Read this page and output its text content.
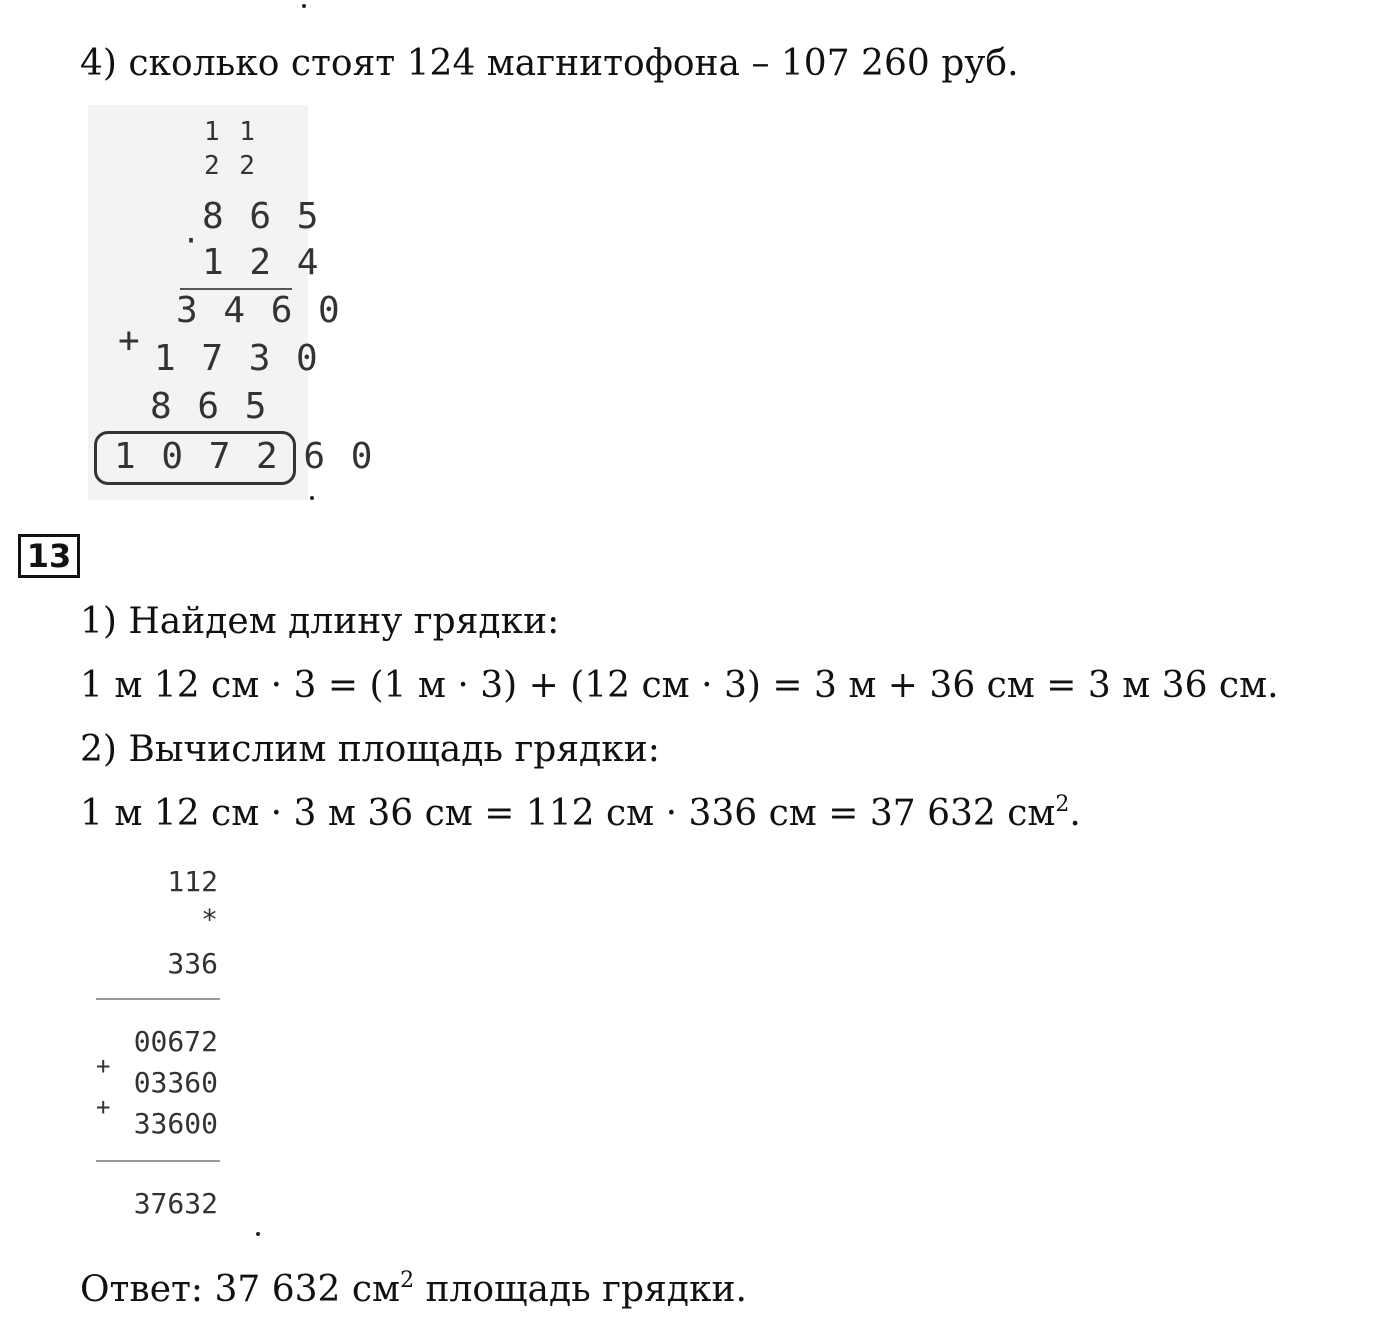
4) сколько стоят 124 магнитофона – 107 260 руб.
1 1
2 2
8 6 5
·
1 2 4
3 4 6 0
+ 1 7 3 0
8 6 5
1 0 7 2 6 0
13
1) Найдем длину грядки:
1 м 12 см · 3 = (1 м · 3) + (12 см · 3) = 3 м + 36 см = 3 м 36 см.
2) Вычислим площадь грядки:
1 м 12 см · 3 м 36 см = 112 см · 336 см = 37 632 $см^2$.
112
*
336
00672
+ 03360
+ 33600
37632
Ответ: 37 632 $см^2$ площадь грядки.
